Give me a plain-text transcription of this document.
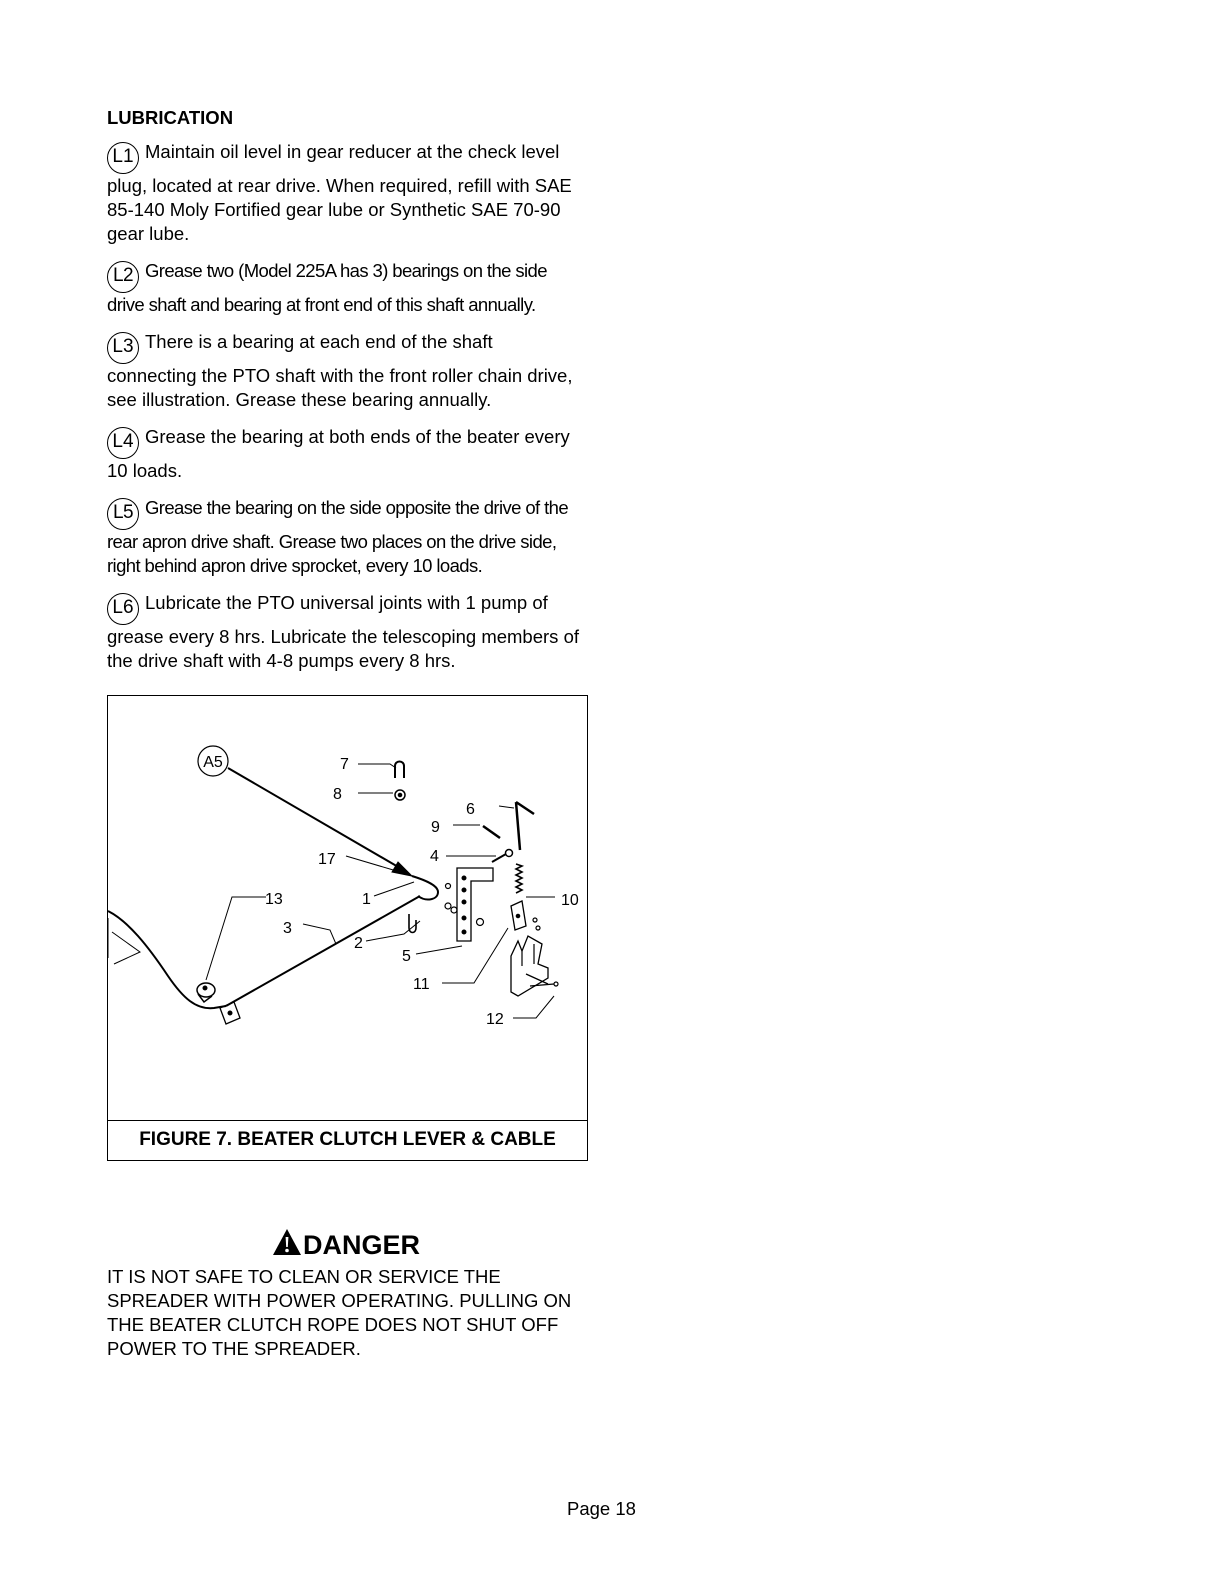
LUBRICATION

L1 Maintain oil level in gear reducer at the check level plug, located at rear drive. When required, refill with SAE 85-140 Moly Fortified gear lube or Synthetic SAE 70-90 gear lube.

L2 Grease two (Model 225A has 3) bearings on the side drive shaft and bearing at front end of this shaft annually.

L3 There is a bearing at each end of the shaft connecting the PTO shaft with the front roller chain drive, see illustration. Grease these bearing annually.

L4 Grease the bearing at both ends of the beater every 10 loads.

L5 Grease the bearing on the side opposite the drive of the rear apron drive shaft. Grease two places on the drive side, right behind apron drive sprocket, every 10 loads.

L6 Lubricate the PTO universal joints with 1 pump of grease every 8 hrs. Lubricate the telescoping members of the drive shaft with 4-8 pumps every 8 hrs.

A5	7
8
6
9
4
17
13	1	10
3
2
5
11
12
FIGURE 7. BEATER CLUTCH LEVER & CABLE
DANGER

IT IS NOT SAFE TO CLEAN OR SERVICE THE SPREADER WITH POWER OPERATING. PULLING ON THE BEATER CLUTCH ROPE DOES NOT SHUT OFF POWER TO THE SPREADER.

Page 18
